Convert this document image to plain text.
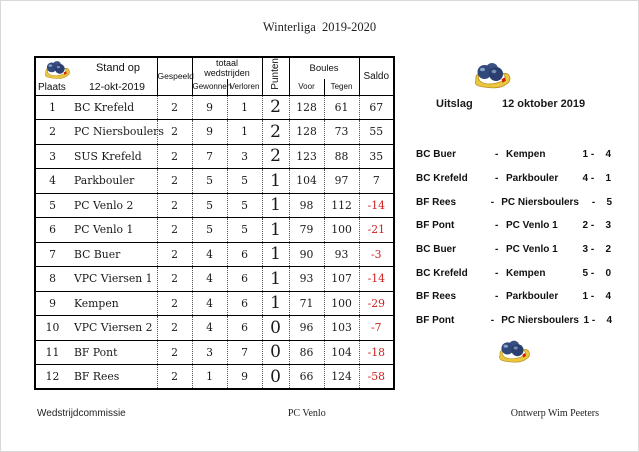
Winterliga  2019-2020
Stand op
Plaats 12-okt-2019		Gespeeld	totaal wedstrijden		Punten	Boules		Saldo
			Gewonnen	Verloren		Voor	Tegen	
1	BC Krefeld	2	9	1	2	128	61	67
2	PC Niersboulers	2	9	1	2	128	73	55
3	SUS Krefeld	2	7	3	2	123	88	35
4	Parkbouler	2	5	5	1	104	97	7
5	PC Venlo 2	2	5	5	1	98	112	-14
6	PC Venlo 1	2	5	5	1	79	100	-21
7	BC Buer	2	4	6	1	90	93	-3
8	VPC Viersen 1	2	4	6	1	93	107	-14
9	Kempen	2	4	6	1	71	100	-29
10	VPC Viersen 2	2	4	6	0	96	103	-7
11	BF Pont	2	3	7	0	86	104	-18
12	BF Rees	2	1	9	0	66	124	-58
Uitslag	12 oktober 2019
BC Buer	- Kempen	1 -	4
BC Krefeld	- Parkbouler	4 -	1
BF Rees	- PC Niersboulers -	5
BF Pont	- PC Venlo 1	2 -	3
BC Buer	- PC Venlo 1	3 -	2
BC Krefeld	- Kempen	5 -	0
BF Rees	- Parkbouler	1 -	4
BF Pont	- PC Niersboulers 1 -	4
Wedstrijdcommissie	PC Venlo	Ontwerp Wim Peeters
